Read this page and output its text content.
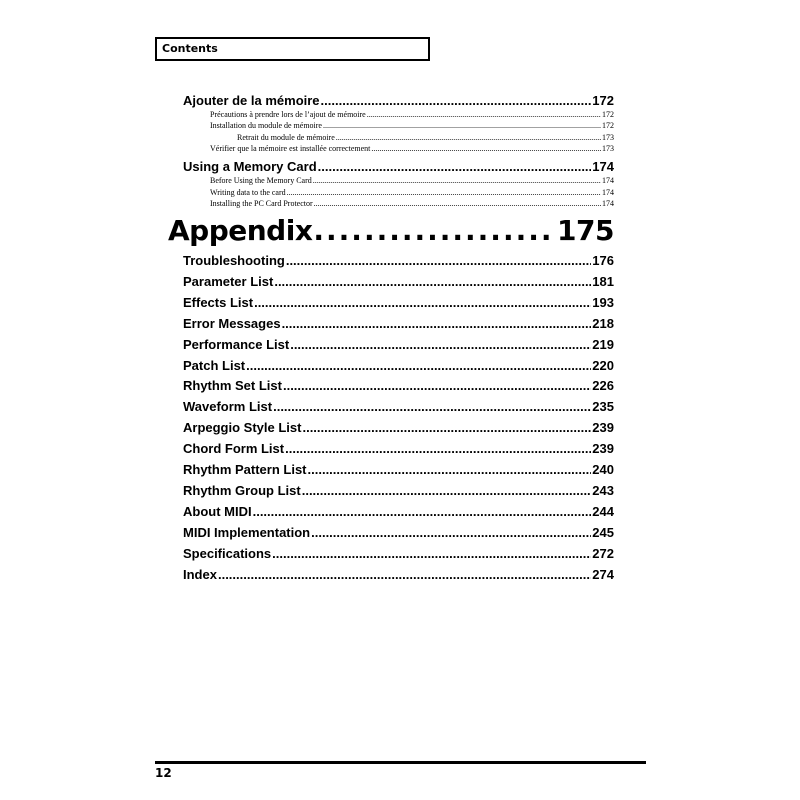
Contents
Ajouter de la mémoire .....	172
Précautions à prendre lors de l’ajout de mémoire .....	172
Installation du module de mémoire .....	172
Retrait du module de mémoire .....	173
Vérifier que la mémoire est installée correctement .....	173
Using a Memory Card .....	174
Before Using the Memory Card .....	174
Writing data to the card .....	174
Installing the PC Card Protector .....	174
Appendix .....	175
Troubleshooting .....	176
Parameter List .....	181
Effects List .....	193
Error Messages .....	218
Performance List .....	219
Patch List .....	220
Rhythm Set List .....	226
Waveform List .....	235
Arpeggio Style List .....	239
Chord Form List .....	239
Rhythm Pattern List .....	240
Rhythm Group List .....	243
About MIDI .....	244
MIDI Implementation .....	245
Specifications .....	272
Index .....	274
12
